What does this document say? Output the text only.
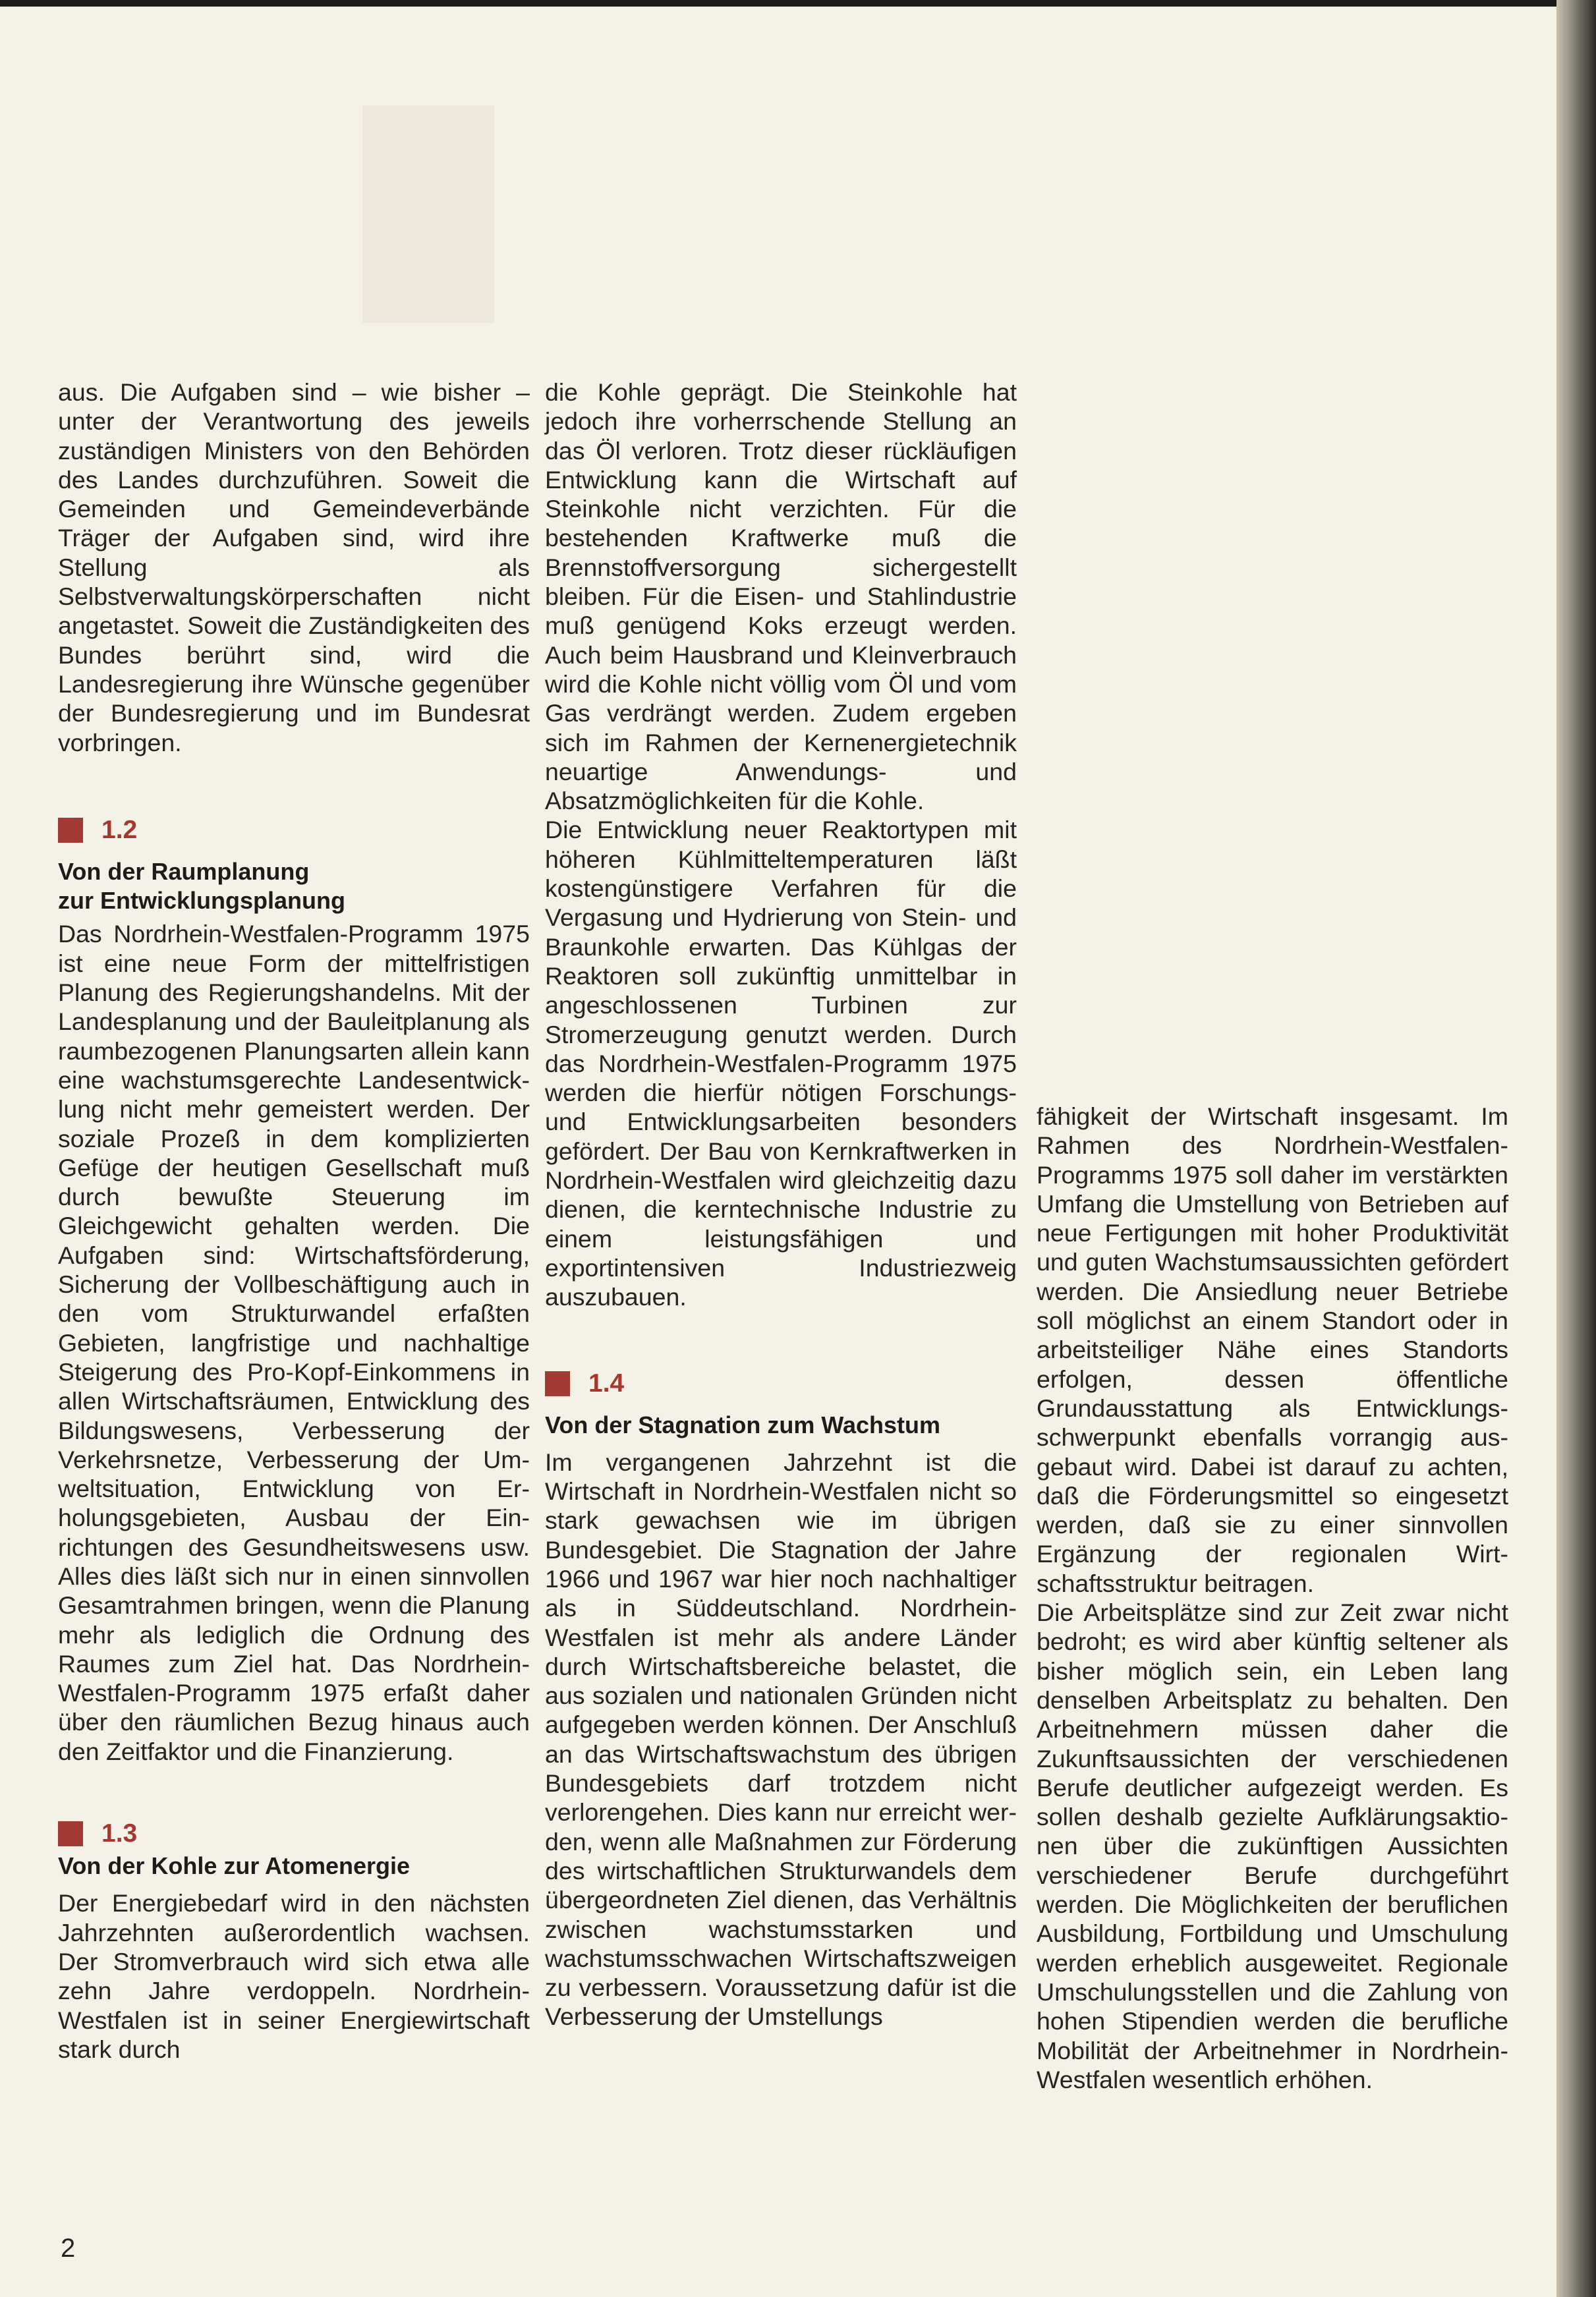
aus. Die Aufgaben sind – wie bisher – unter der Verantwortung des jeweils zuständigen Ministers von den Behörden des Landes durchzuführen. Soweit die Gemeinden und Gemeindeverbände Träger der Aufgaben sind, wird ihre Stellung als Selbstverwaltungskörperschaften nicht angetastet. Soweit die Zuständigkeiten des Bundes berührt sind, wird die Landesregierung ihre Wünsche gegenüber der Bundesregierung und im Bundesrat vorbringen.

1.2
Von der Raumplanung
zur Entwicklungsplanung

Das Nordrhein-Westfalen-Programm 1975 ist eine neue Form der mittelfristigen Planung des Regierungshandelns. Mit der Landesplanung und der Bauleitplanung als raumbezogenen Planungsarten allein kann eine wachstumsgerechte Landesentwicklung nicht mehr gemeistert werden. Der soziale Prozeß in dem komplizierten Gefüge der heutigen Gesellschaft muß durch bewußte Steuerung im Gleichgewicht gehalten werden. Die Aufgaben sind: Wirtschaftsförderung, Sicherung der Vollbeschäftigung auch in den vom Strukturwandel erfaßten Gebieten, langfristige und nachhaltige Steigerung des Pro-Kopf-Einkommens in allen Wirtschaftsräumen, Entwicklung des Bildungswesens, Verbesserung der Verkehrsnetze, Verbesserung der Umweltsituation, Entwicklung von Erholungsgebieten, Ausbau der Einrichtungen des Gesundheitswesens usw. Alles dies läßt sich nur in einen sinnvollen Gesamtrahmen bringen, wenn die Planung mehr als lediglich die Ordnung des Raumes zum Ziel hat. Das Nordrhein-Westfalen-Programm 1975 erfaßt daher über den räumlichen Bezug hinaus auch den Zeitfaktor und die Finanzierung.

1.3
Von der Kohle zur Atomenergie

Der Energiebedarf wird in den nächsten Jahrzehnten außerordentlich wachsen. Der Stromverbrauch wird sich etwa alle zehn Jahre verdoppeln. Nordrhein-Westfalen ist in seiner Energiewirtschaft stark durch

die Kohle geprägt. Die Steinkohle hat jedoch ihre vorherrschende Stellung an das Öl verloren. Trotz dieser rückläufigen Entwicklung kann die Wirtschaft auf Steinkohle nicht verzichten. Für die bestehenden Kraftwerke muß die Brennstoffversorgung sichergestellt bleiben. Für die Eisen- und Stahlindustrie muß genügend Koks erzeugt werden. Auch beim Hausbrand und Kleinverbrauch wird die Kohle nicht völlig vom Öl und vom Gas verdrängt werden. Zudem ergeben sich im Rahmen der Kernenergietechnik neuartige Anwendungs- und Absatzmöglichkeiten für die Kohle.

Die Entwicklung neuer Reaktortypen mit höheren Kühlmitteltemperaturen läßt kostengünstigere Verfahren für die Vergasung und Hydrierung von Stein- und Braunkohle erwarten. Das Kühlgas der Reaktoren soll zukünftig unmittelbar in angeschlossenen Turbinen zur Stromerzeugung genutzt werden. Durch das Nordrhein-Westfalen-Programm 1975 werden die hierfür nötigen Forschungs- und Entwicklungsarbeiten besonders gefördert. Der Bau von Kernkraftwerken in Nordrhein-Westfalen wird gleichzeitig dazu dienen, die kerntechnische Industrie zu einem leistungsfähigen und exportintensiven Industriezweig auszubauen.

1.4
Von der Stagnation zum Wachstum

Im vergangenen Jahrzehnt ist die Wirtschaft in Nordrhein-Westfalen nicht so stark gewachsen wie im übrigen Bundesgebiet. Die Stagnation der Jahre 1966 und 1967 war hier noch nachhaltiger als in Süddeutschland. Nordrhein-Westfalen ist mehr als andere Länder durch Wirtschaftsbereiche belastet, die aus sozialen und nationalen Gründen nicht aufgegeben werden können. Der Anschluß an das Wirtschaftswachstum des übrigen Bundesgebiets darf trotzdem nicht verlorengehen. Dies kann nur erreicht werden, wenn alle Maßnahmen zur Förderung des wirtschaftlichen Strukturwandels dem übergeordneten Ziel dienen, das Verhältnis zwischen wachstumsstarken und wachstumsschwachen Wirtschaftszweigen zu verbessern. Voraussetzung dafür ist die Verbesserung der Umstellungs

fähigkeit der Wirtschaft insgesamt. Im Rahmen des Nordrhein-Westfalen-Programms 1975 soll daher im verstärkten Umfang die Umstellung von Betrieben auf neue Fertigungen mit hoher Produktivität und guten Wachstumsaussichten gefördert werden. Die Ansiedlung neuer Betriebe soll möglichst an einem Standort oder in arbeitsteiliger Nähe eines Standorts erfolgen, dessen öffentliche Grundausstattung als Entwicklungsschwerpunkt ebenfalls vorrangig ausgebaut wird. Dabei ist darauf zu achten, daß die Förderungsmittel so eingesetzt werden, daß sie zu einer sinnvollen Ergänzung der regionalen Wirtschaftsstruktur beitragen.

Die Arbeitsplätze sind zur Zeit zwar nicht bedroht; es wird aber künftig seltener als bisher möglich sein, ein Leben lang denselben Arbeitsplatz zu behalten. Den Arbeitnehmern müssen daher die Zukunftsaussichten der verschiedenen Berufe deutlicher aufgezeigt werden. Es sollen deshalb gezielte Aufklärungsaktionen über die zukünftigen Aussichten verschiedener Berufe durchgeführt werden. Die Möglichkeiten der beruflichen Ausbildung, Fortbildung und Umschulung werden erheblich ausgeweitet. Regionale Umschulungsstellen und die Zahlung von hohen Stipendien werden die berufliche Mobilität der Arbeitnehmer in Nordrhein-Westfalen wesentlich erhöhen.

2
